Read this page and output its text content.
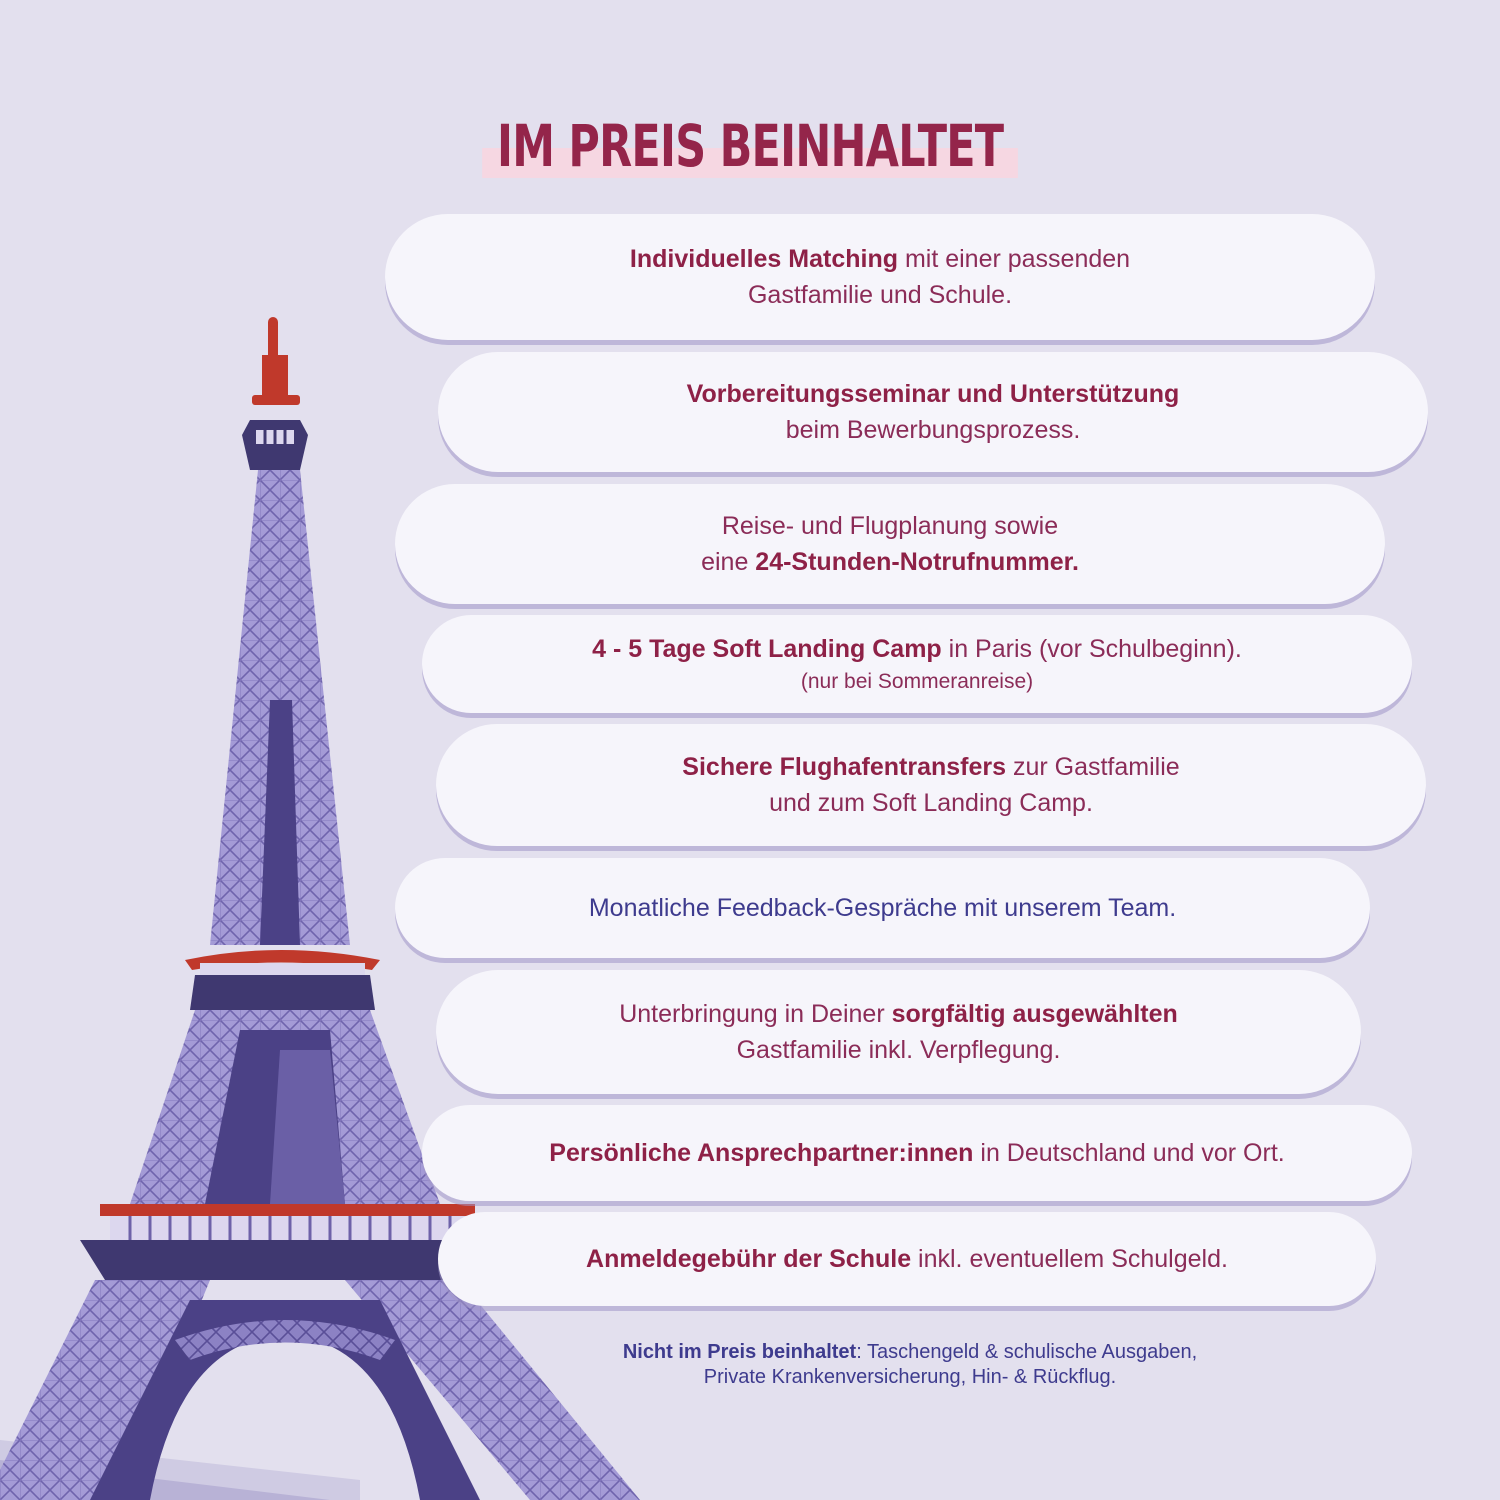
IM PREIS BEINHALTET
Individuelles Matching mit einer passenden
Gastfamilie und Schule.
Vorbereitungsseminar und Unterstützung
beim Bewerbungsprozess.
Reise- und Flugplanung sowie
eine 24-Stunden-Notrufnummer.
4 - 5 Tage Soft Landing Camp in Paris (vor Schulbeginn).
(nur bei Sommeranreise)
Sichere Flughafentransfers zur Gastfamilie
und zum Soft Landing Camp.
Monatliche Feedback-Gespräche mit unserem Team.
Unterbringung in Deiner sorgfältig ausgewählten
Gastfamilie inkl. Verpflegung.
Persönliche Ansprechpartner:innen in Deutschland und vor Ort.
Anmeldegebühr der Schule inkl. eventuellem Schulgeld.
Nicht im Preis beinhaltet: Taschengeld & schulische Ausgaben,
Private Krankenversicherung, Hin- & Rückflug.
